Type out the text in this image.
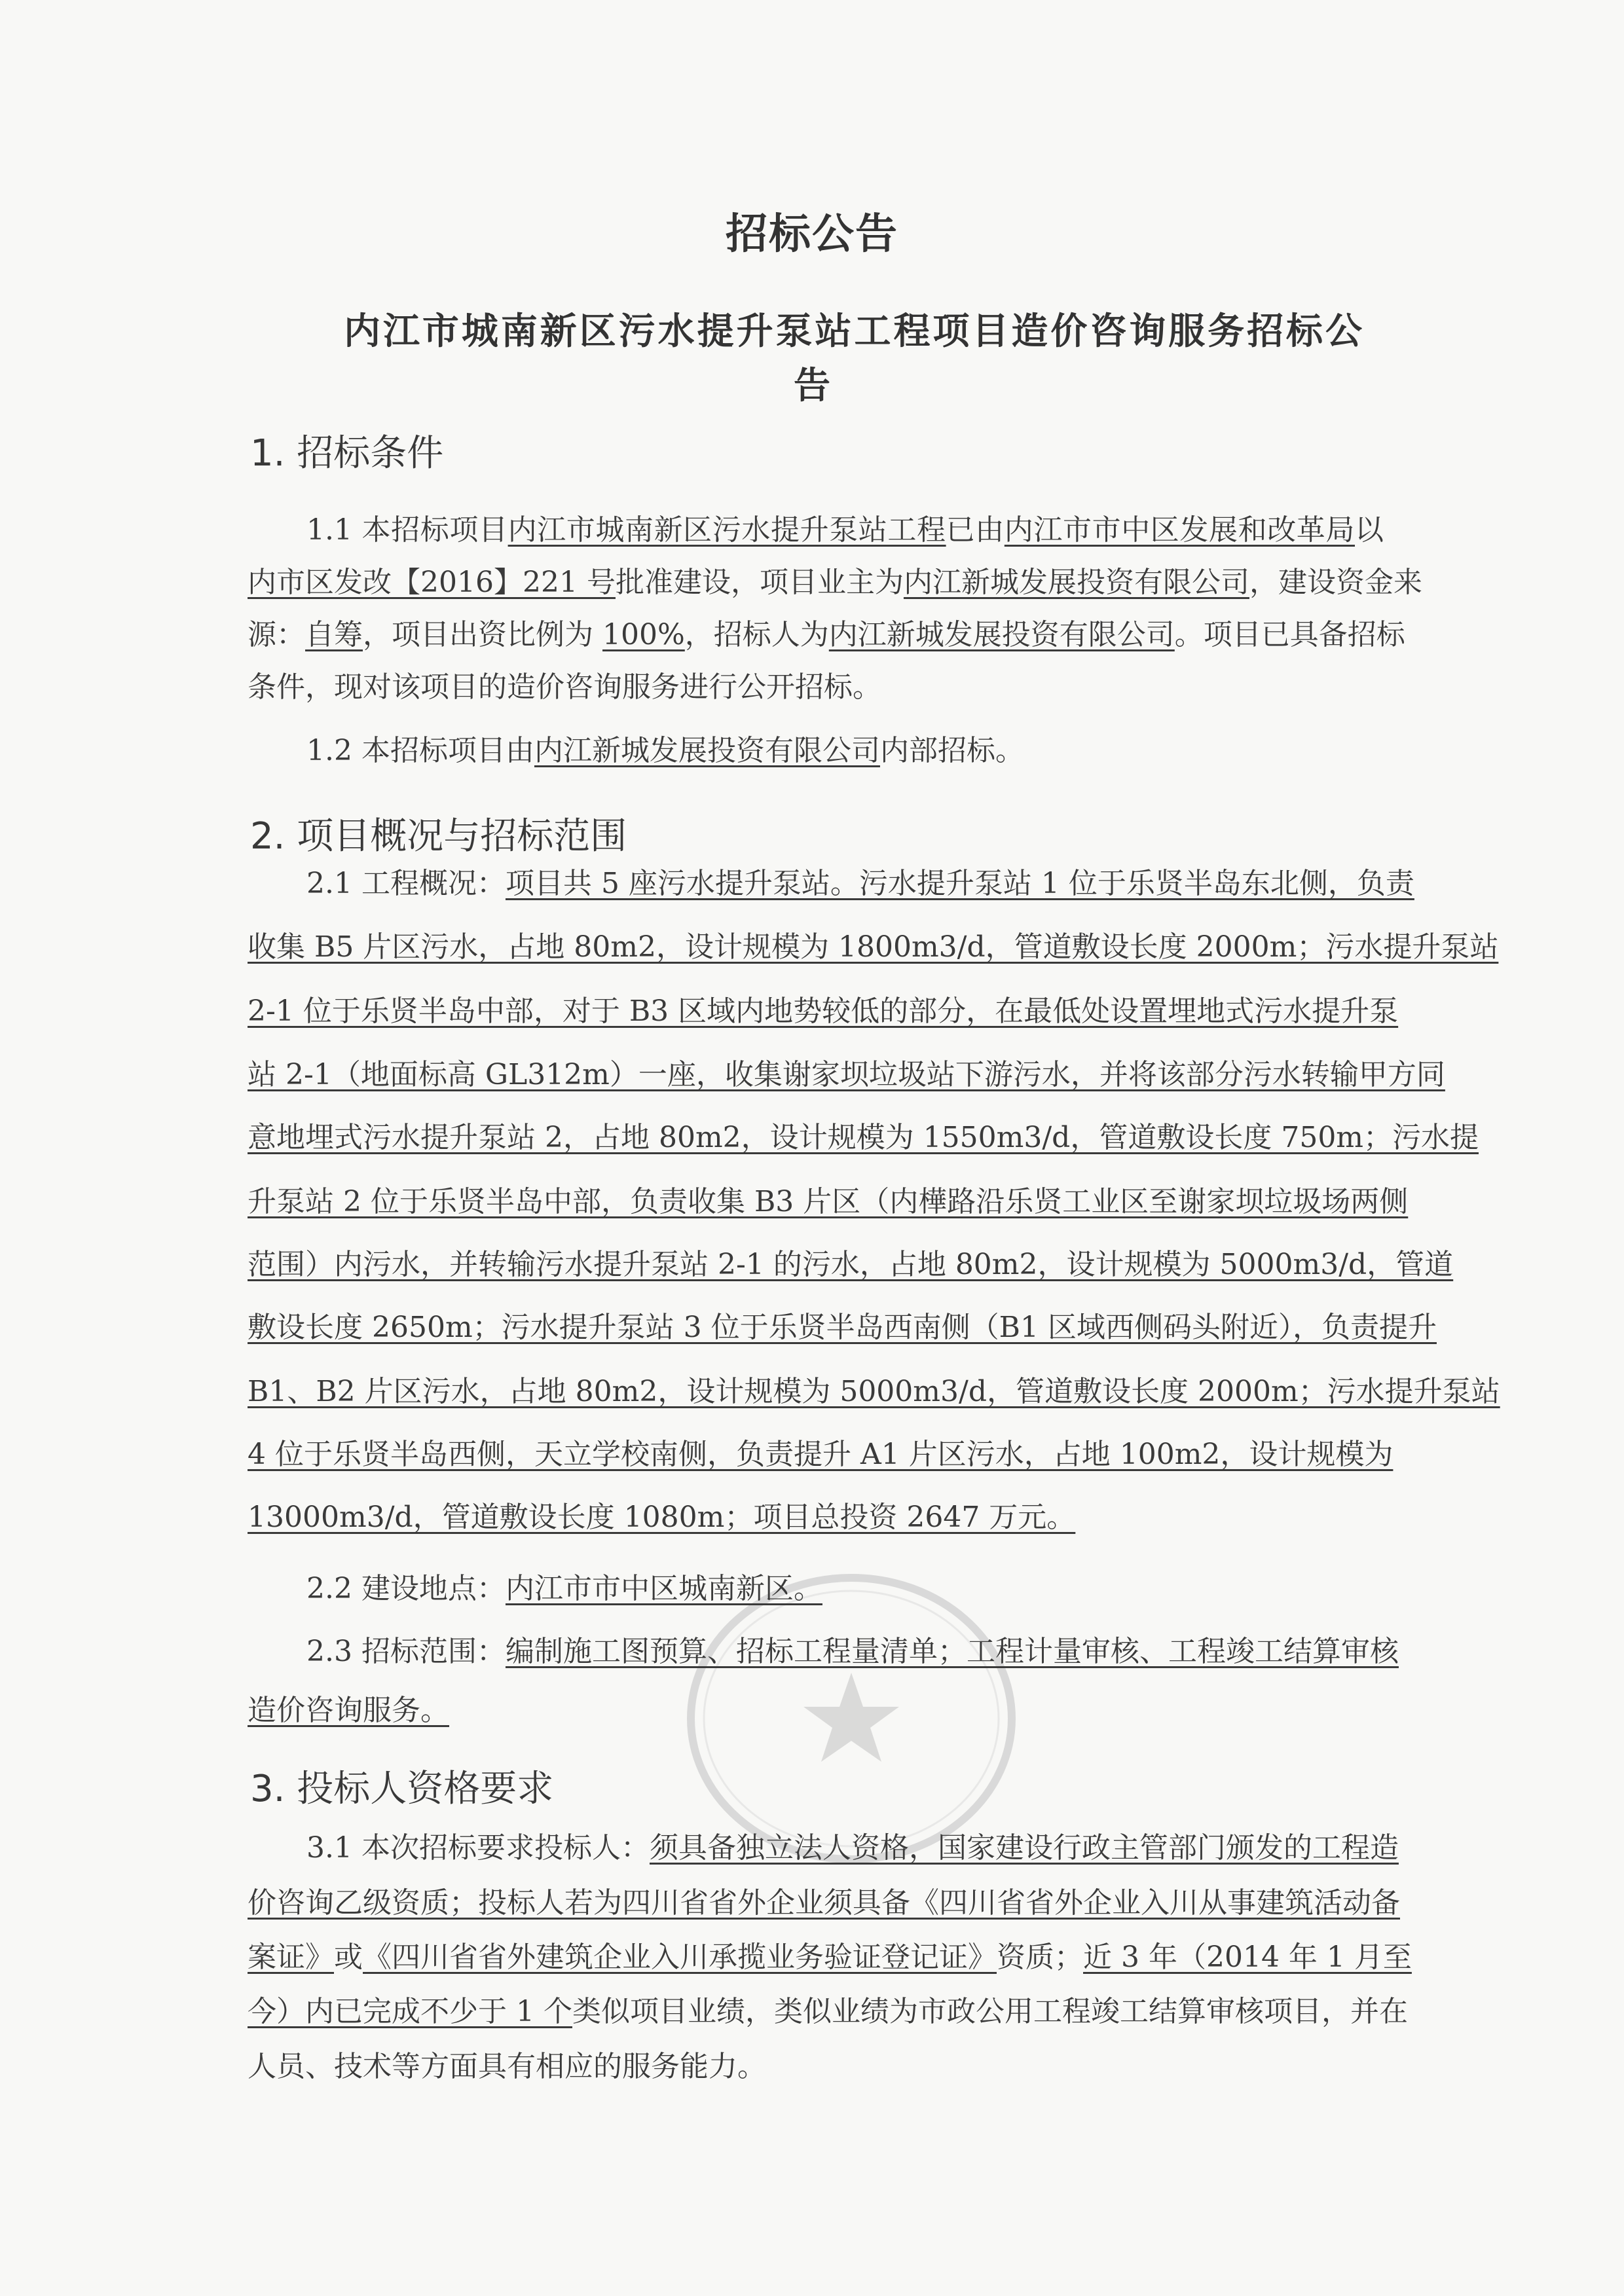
招标公告
内江市城南新区污水提升泵站工程项目造价咨询服务招标公
告
1. 招标条件
1.1 本招标项目内江市城南新区污水提升泵站工程已由内江市市中区发展和改革局以
内市区发改【2016】221 号批准建设，项目业主为内江新城发展投资有限公司，建设资金来
源：自筹，项目出资比例为 100%，招标人为内江新城发展投资有限公司。项目已具备招标
条件，现对该项目的造价咨询服务进行公开招标。
1.2 本招标项目由内江新城发展投资有限公司内部招标。
2. 项目概况与招标范围
2.1 工程概况：项目共 5 座污水提升泵站。污水提升泵站 1 位于乐贤半岛东北侧，负责
收集 B5 片区污水，占地 80m2，设计规模为 1800m3/d，管道敷设长度 2000m；污水提升泵站
2-1 位于乐贤半岛中部，对于 B3 区域内地势较低的部分，在最低处设置埋地式污水提升泵
站 2-1（地面标高 GL312m）一座，收集谢家坝垃圾站下游污水，并将该部分污水转输甲方同
意地埋式污水提升泵站 2，占地 80m2，设计规模为 1550m3/d，管道敷设长度 750m；污水提
升泵站 2 位于乐贤半岛中部，负责收集 B3 片区（内樺路沿乐贤工业区至谢家坝垃圾场两侧
范围）内污水，并转输污水提升泵站 2-1 的污水，占地 80m2，设计规模为 5000m3/d，管道
敷设长度 2650m；污水提升泵站 3 位于乐贤半岛西南侧（B1 区域西侧码头附近），负责提升
B1、B2 片区污水，占地 80m2，设计规模为 5000m3/d，管道敷设长度 2000m；污水提升泵站
4 位于乐贤半岛西侧，天立学校南侧，负责提升 A1 片区污水，占地 100m2，设计规模为
13000m3/d，管道敷设长度 1080m；项目总投资 2647 万元。
2.2 建设地点：内江市市中区城南新区。
2.3 招标范围：编制施工图预算、招标工程量清单；工程计量审核、工程竣工结算审核
造价咨询服务。
3. 投标人资格要求
3.1 本次招标要求投标人：须具备独立法人资格，国家建设行政主管部门颁发的工程造
价咨询乙级资质；投标人若为四川省省外企业须具备《四川省省外企业入川从事建筑活动备
案证》或《四川省省外建筑企业入川承揽业务验证登记证》资质；近 3 年（2014 年 1 月至
今）内已完成不少于 1 个类似项目业绩，类似业绩为市政公用工程竣工结算审核项目，并在
人员、技术等方面具有相应的服务能力。
